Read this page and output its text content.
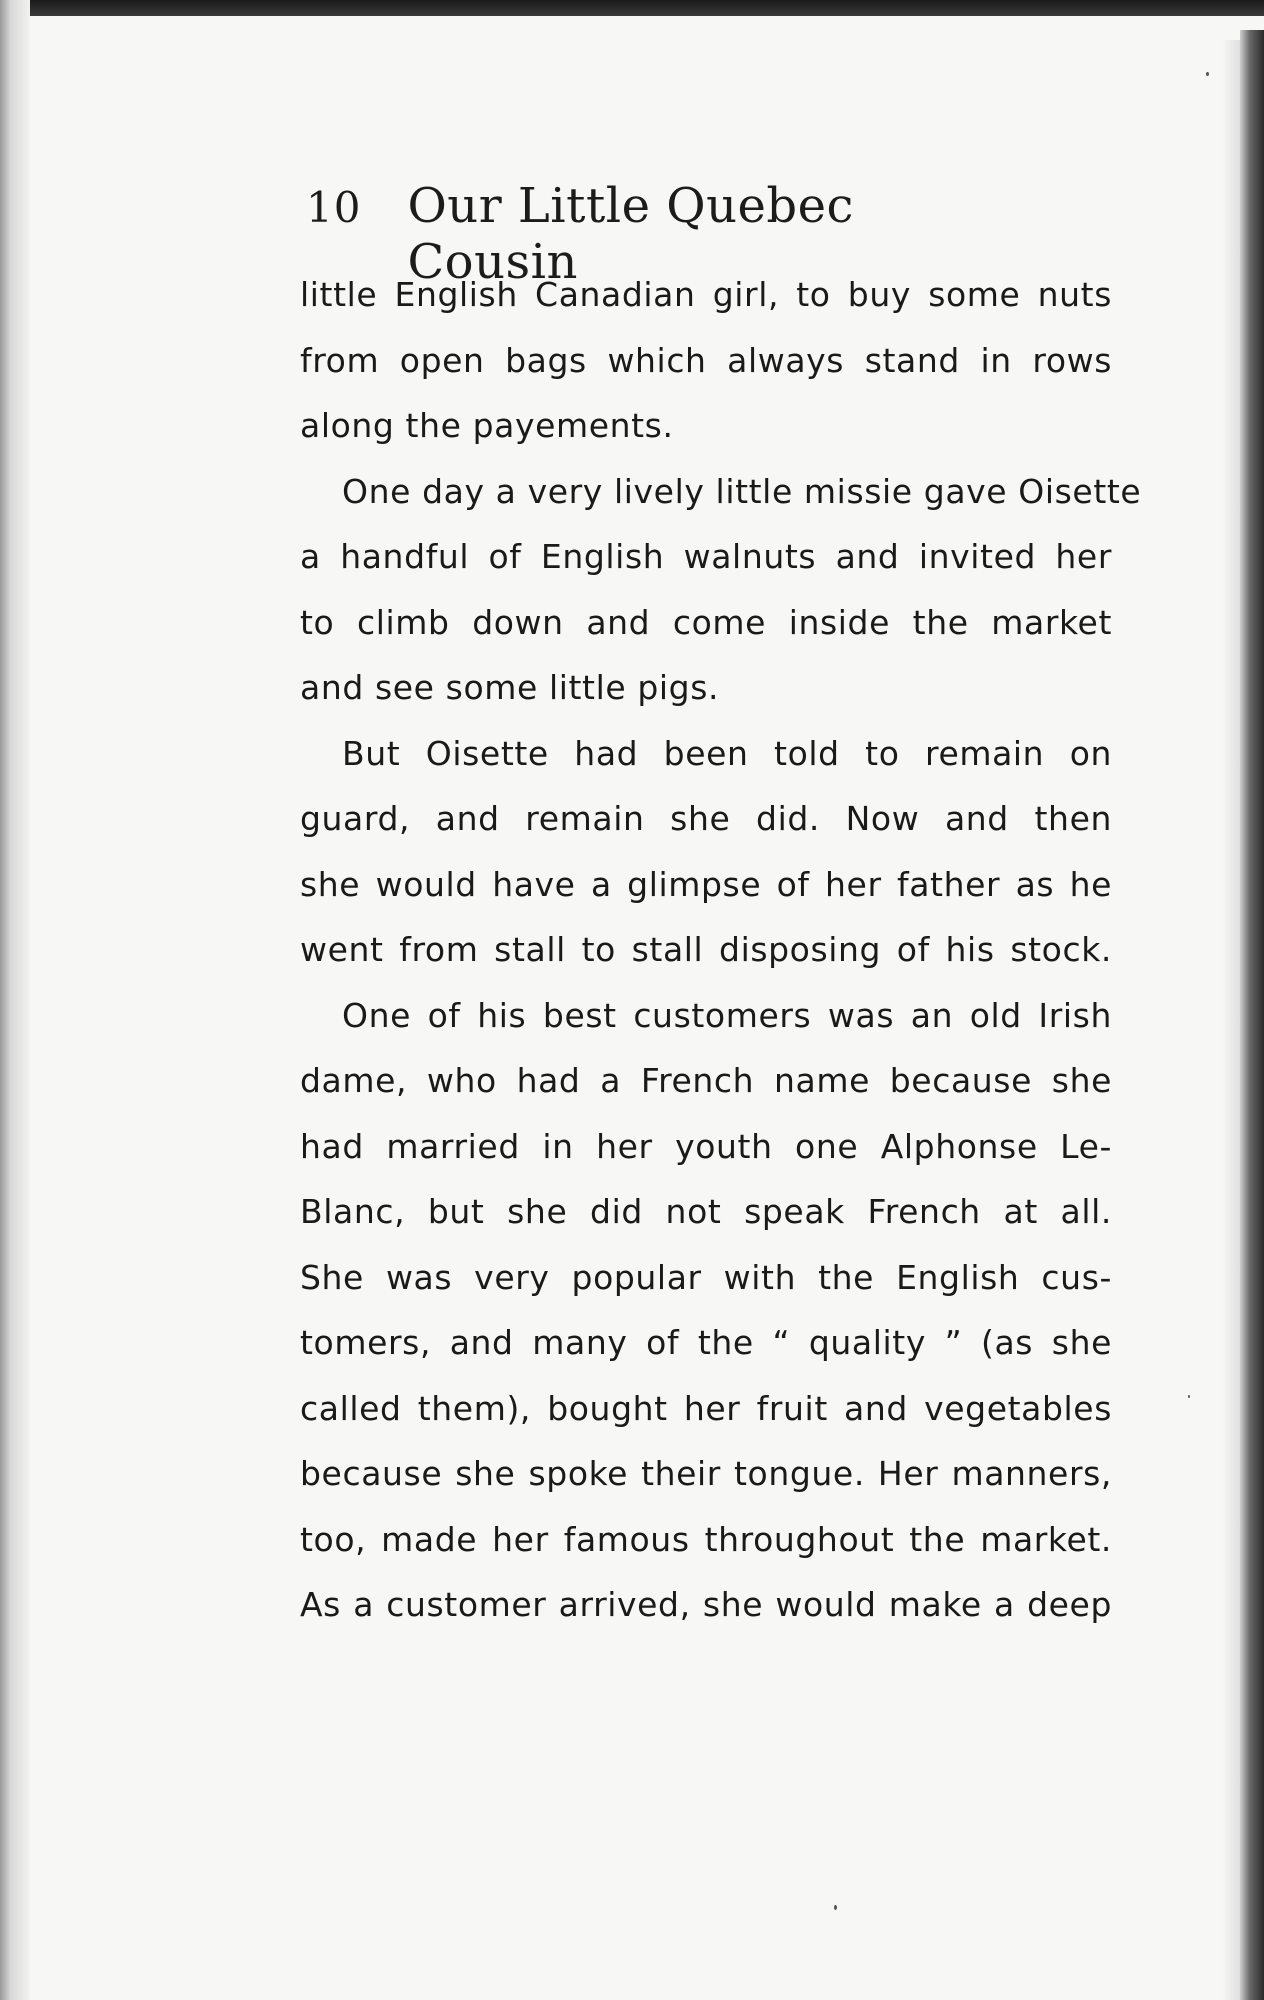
10 Our Little Quebec Cousin
little English Canadian girl, to buy some nuts
from open bags which always stand in rows
along the payements.
One day a very lively little missie gave Oisette
a handful of English walnuts and invited her
to climb down and come inside the market
and see some little pigs.
But Oisette had been told to remain on
guard, and remain she did. Now and then
she would have a glimpse of her father as he
went from stall to stall disposing of his stock.
One of his best customers was an old Irish
dame, who had a French name because she
had married in her youth one Alphonse Le-
Blanc, but she did not speak French at all.
She was very popular with the English cus-
tomers, and many of the “ quality ” (as she
called them), bought her fruit and vegetables
because she spoke their tongue. Her manners,
too, made her famous throughout the market.
As a customer arrived, she would make a deep
